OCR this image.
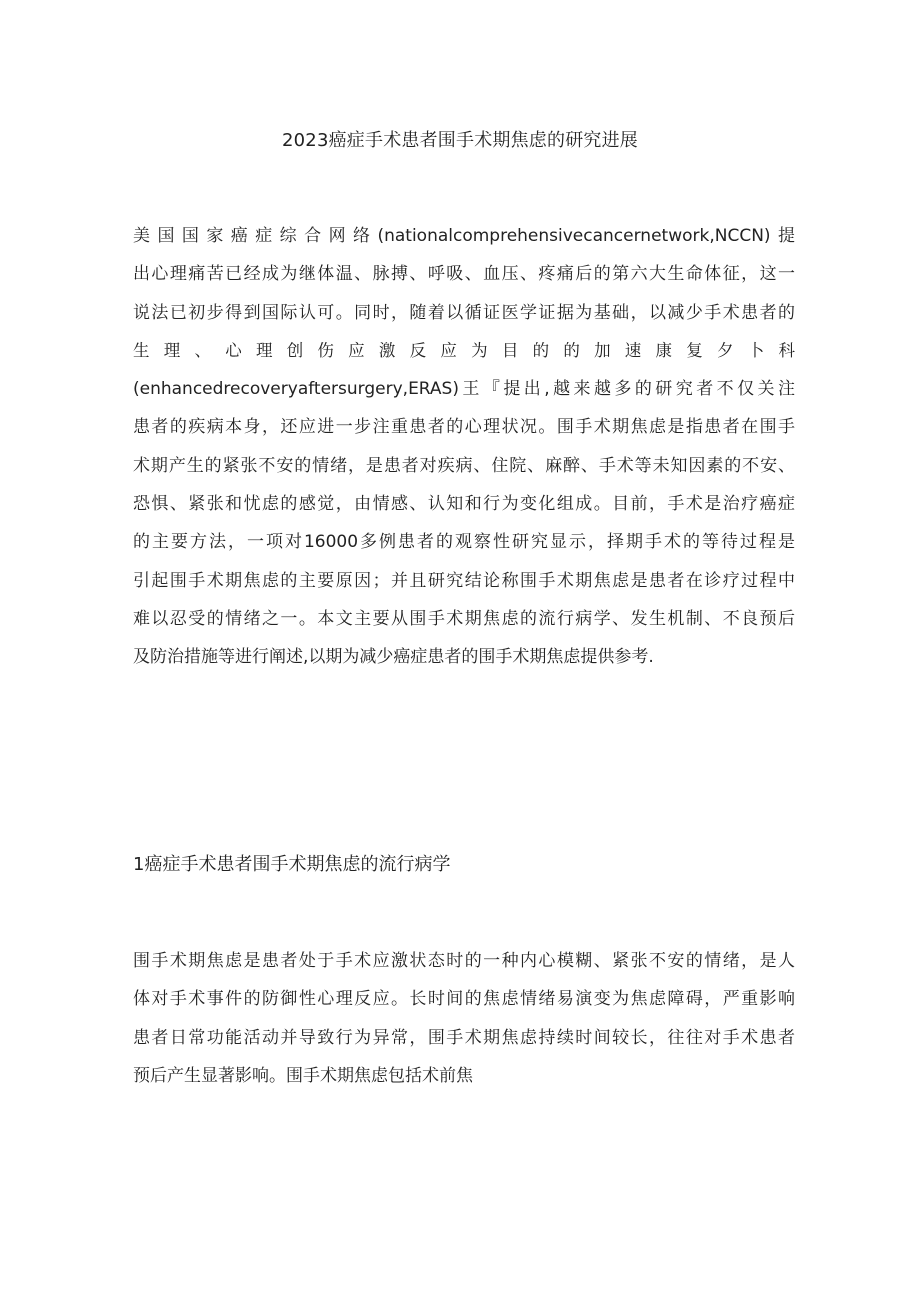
2023癌症手术患者围手术期焦虑的研究进展
美国国家癌症综合网络(nationalcomprehensivecancernetwork,NCCN)提
出心理痛苦已经成为继体温、脉搏、呼吸、血压、疼痛后的第六大生命体征，这一
说法已初步得到国际认可。同时，随着以循证医学证据为基础，以减少手术患者的
生理、心理创伤应激反应为目的的加速康复夕卜科
(enhancedrecoveryaftersurgery,ERAS)王『提出,越来越多的研究者不仅关注
患者的疾病本身，还应进一步注重患者的心理状况。围手术期焦虑是指患者在围手
术期产生的紧张不安的情绪，是患者对疾病、住院、麻醉、手术等未知因素的不安、
恐惧、紧张和忧虑的感觉，由情感、认知和行为变化组成。目前，手术是治疗癌症
的主要方法，一项对16000多例患者的观察性研究显示，择期手术的等待过程是
引起围手术期焦虑的主要原因；并且研究结论称围手术期焦虑是患者在诊疗过程中
难以忍受的情绪之一。本文主要从围手术期焦虑的流行病学、发生机制、不良预后
及防治措施等进行阐述,以期为减少癌症患者的围手术期焦虑提供参考.
1癌症手术患者围手术期焦虑的流行病学
围手术期焦虑是患者处于手术应激状态时的一种内心模糊、紧张不安的情绪，是人
体对手术事件的防御性心理反应。长时间的焦虑情绪易演变为焦虑障碍，严重影响
患者日常功能活动并导致行为异常，围手术期焦虑持续时间较长，往往对手术患者
预后产生显著影响。围手术期焦虑包括术前焦
